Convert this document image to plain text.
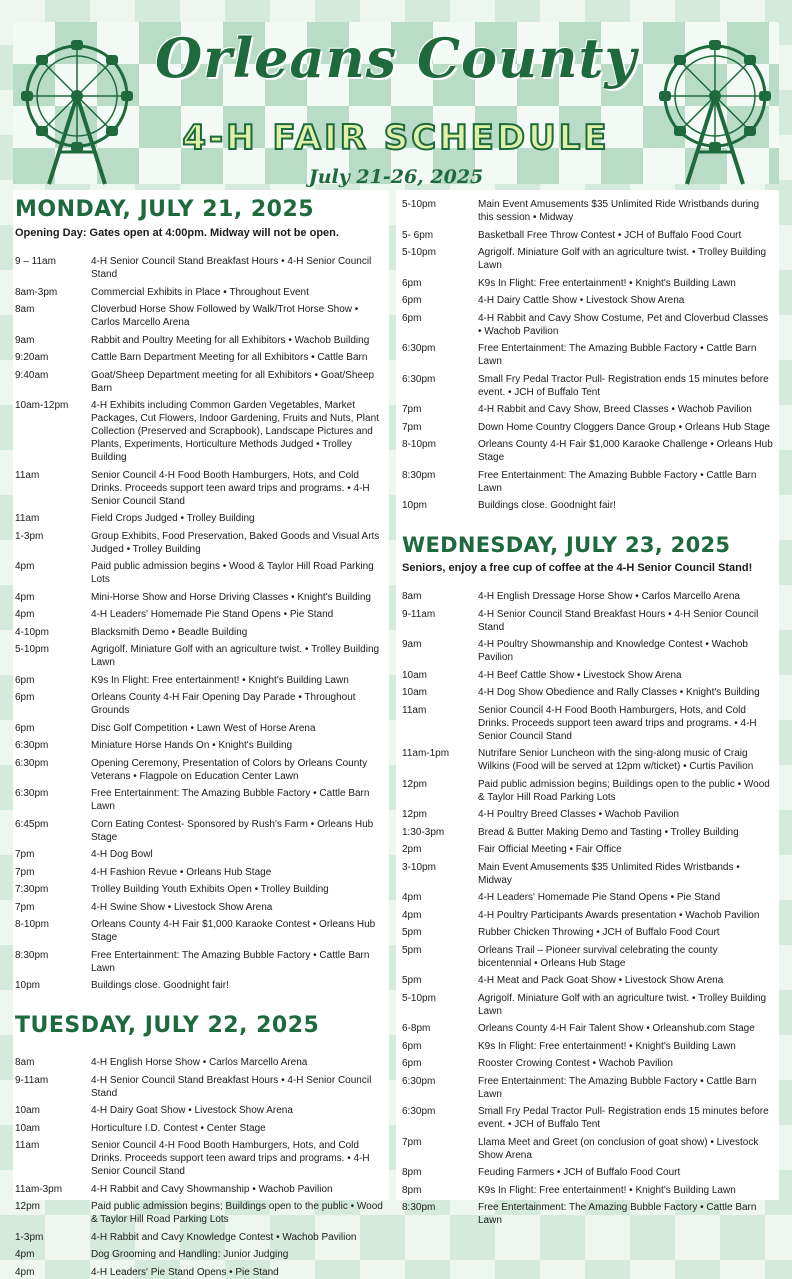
Orleans County
4-H FAIR SCHEDULE
July 21-26, 2025
MONDAY, JULY 21, 2025
Opening Day: Gates open at 4:00pm. Midway will not be open.
9 – 11am	4-H Senior Council Stand Breakfast Hours • 4-H Senior Council Stand
8am-3pm	Commercial Exhibits in Place • Throughout Event
8am	Cloverbud Horse Show Followed by Walk/Trot Horse Show • Carlos Marcello Arena
9am	Rabbit and Poultry Meeting for all Exhibitors • Wachob Building
9:20am	Cattle Barn Department Meeting for all Exhibitors • Cattle Barn
9:40am	Goat/Sheep Department meeting for all Exhibitors • Goat/Sheep Barn
10am-12pm	4-H Exhibits including Common Garden Vegetables, Market Packages, Cut Flowers, Indoor Gardening, Fruits and Nuts, Plant Collection (Preserved and Scrapbook), Landscape Pictures and Plants, Experiments, Horticulture Methods Judged • Trolley Building
11am	Senior Council 4-H Food Booth Hamburgers, Hots, and Cold Drinks. Proceeds support teen award trips and programs. • 4-H Senior Council Stand
11am	Field Crops Judged • Trolley Building
1-3pm	Group Exhibits, Food Preservation, Baked Goods and Visual Arts Judged • Trolley Building
4pm	Paid public admission begins • Wood & Taylor Hill Road Parking Lots
4pm	Mini-Horse Show and Horse Driving Classes • Knight's Building
4pm	4-H Leaders' Homemade Pie Stand Opens • Pie Stand
4-10pm	Blacksmith Demo • Beadle Building
5-10pm	Agrigolf. Miniature Golf with an agriculture twist. • Trolley Building Lawn
6pm	K9s In Flight: Free entertainment! • Knight's Building Lawn
6pm	Orleans County 4-H Fair Opening Day Parade • Throughout Grounds
6pm	Disc Golf Competition • Lawn West of Horse Arena
6:30pm	Miniature Horse Hands On • Knight's Building
6:30pm	Opening Ceremony, Presentation of Colors by Orleans County Veterans • Flagpole on Education Center Lawn
6:30pm	Free Entertainment: The Amazing Bubble Factory • Cattle Barn Lawn
6:45pm	Corn Eating Contest- Sponsored by Rush's Farm • Orleans Hub Stage
7pm	4-H Dog Bowl
7pm	4-H Fashion Revue • Orleans Hub Stage
7:30pm	Trolley Building Youth Exhibits Open • Trolley Building
7pm	4-H Swine Show • Livestock Show Arena
8-10pm	Orleans County 4-H Fair $1,000 Karaoke Contest • Orleans Hub Stage
8:30pm	Free Entertainment: The Amazing Bubble Factory • Cattle Barn Lawn
10pm	Buildings close. Goodnight fair!
TUESDAY, JULY 22, 2025
8am	4-H English Horse Show • Carlos Marcello Arena
9-11am	4-H Senior Council Stand Breakfast Hours • 4-H Senior Council Stand
10am	4-H Dairy Goat Show • Livestock Show Arena
10am	Horticulture I.D. Contest • Center Stage
11am	Senior Council 4-H Food Booth Hamburgers, Hots, and Cold Drinks. Proceeds support teen award trips and programs. • 4-H Senior Council Stand
11am-3pm	4-H Rabbit and Cavy Showmanship • Wachob Pavilion
12pm	Paid public admission begins; Buildings open to the public • Wood & Taylor Hill Road Parking Lots
1-3pm	4-H Rabbit and Cavy Knowledge Contest • Wachob Pavilion
4pm	Dog Grooming and Handling: Junior Judging
4pm	4-H Leaders' Pie Stand Opens • Pie Stand
5-10pm	Main Event Amusements $35 Unlimited Ride Wristbands during this session • Midway
5- 6pm	Basketball Free Throw Contest • JCH of Buffalo Food Court
5-10pm	Agrigolf. Miniature Golf with an agriculture twist. • Trolley Building Lawn
6pm	K9s In Flight: Free entertainment! • Knight's Building Lawn
6pm	4-H Dairy Cattle Show • Livestock Show Arena
6pm	4-H Rabbit and Cavy Show Costume, Pet and Cloverbud Classes • Wachob Pavilion
6:30pm	Free Entertainment: The Amazing Bubble Factory • Cattle Barn Lawn
6:30pm	Small Fry Pedal Tractor Pull- Registration ends 15 minutes before event. • JCH of Buffalo Tent
7pm	4-H Rabbit and Cavy Show, Breed Classes • Wachob Pavilion
7pm	Down Home Country Cloggers Dance Group • Orleans Hub Stage
8-10pm	Orleans County 4-H Fair $1,000 Karaoke Challenge • Orleans Hub Stage
8:30pm	Free Entertainment: The Amazing Bubble Factory • Cattle Barn Lawn
10pm	Buildings close. Goodnight fair!
WEDNESDAY, JULY 23, 2025
Seniors, enjoy a free cup of coffee at the 4-H Senior Council Stand!
8am	4-H English Dressage Horse Show • Carlos Marcello Arena
9-11am	4-H Senior Council Stand Breakfast Hours • 4-H Senior Council Stand
9am	4-H Poultry Showmanship and Knowledge Contest • Wachob Pavilion
10am	4-H Beef Cattle Show • Livestock Show Arena
10am	4-H Dog Show Obedience and Rally Classes • Knight's Building
11am	Senior Council 4-H Food Booth Hamburgers, Hots, and Cold Drinks. Proceeds support teen award trips and programs. • 4-H Senior Council Stand
11am-1pm	Nutrifare Senior Luncheon with the sing-along music of Craig Wilkins (Food will be served at 12pm w/ticket) • Curtis Pavilion
12pm	Paid public admission begins; Buildings open to the public • Wood & Taylor Hill Road Parking Lots
12pm	4-H Poultry Breed Classes • Wachob Pavilion
1:30-3pm	Bread & Butter Making Demo and Tasting • Trolley Building
2pm	Fair Official Meeting • Fair Office
3-10pm	Main Event Amusements $35 Unlimited Rides Wristbands • Midway
4pm	4-H Leaders' Homemade Pie Stand Opens • Pie Stand
4pm	4-H Poultry Participants Awards presentation • Wachob Pavilion
5pm	Rubber Chicken Throwing • JCH of Buffalo Food Court
5pm	Orleans Trail – Pioneer survival celebrating the county bicentennial • Orleans Hub Stage
5pm	4-H Meat and Pack Goat Show • Livestock Show Arena
5-10pm	Agrigolf. Miniature Golf with an agriculture twist. • Trolley Building Lawn
6-8pm	Orleans County 4-H Fair Talent Show • Orleanshub.com Stage
6pm	K9s In Flight: Free entertainment! • Knight's Building Lawn
6pm	Rooster Crowing Contest • Wachob Pavilion
6:30pm	Free Entertainment: The Amazing Bubble Factory • Cattle Barn Lawn
6:30pm	Small Fry Pedal Tractor Pull- Registration ends 15 minutes before event. • JCH of Buffalo Tent
7pm	Llama Meet and Greet (on conclusion of goat show) • Livestock Show Arena
8pm	Feuding Farmers • JCH of Buffalo Food Court
8pm	K9s In Flight: Free entertainment! • Knight's Building Lawn
8:30pm	Free Entertainment: The Amazing Bubble Factory • Cattle Barn Lawn
